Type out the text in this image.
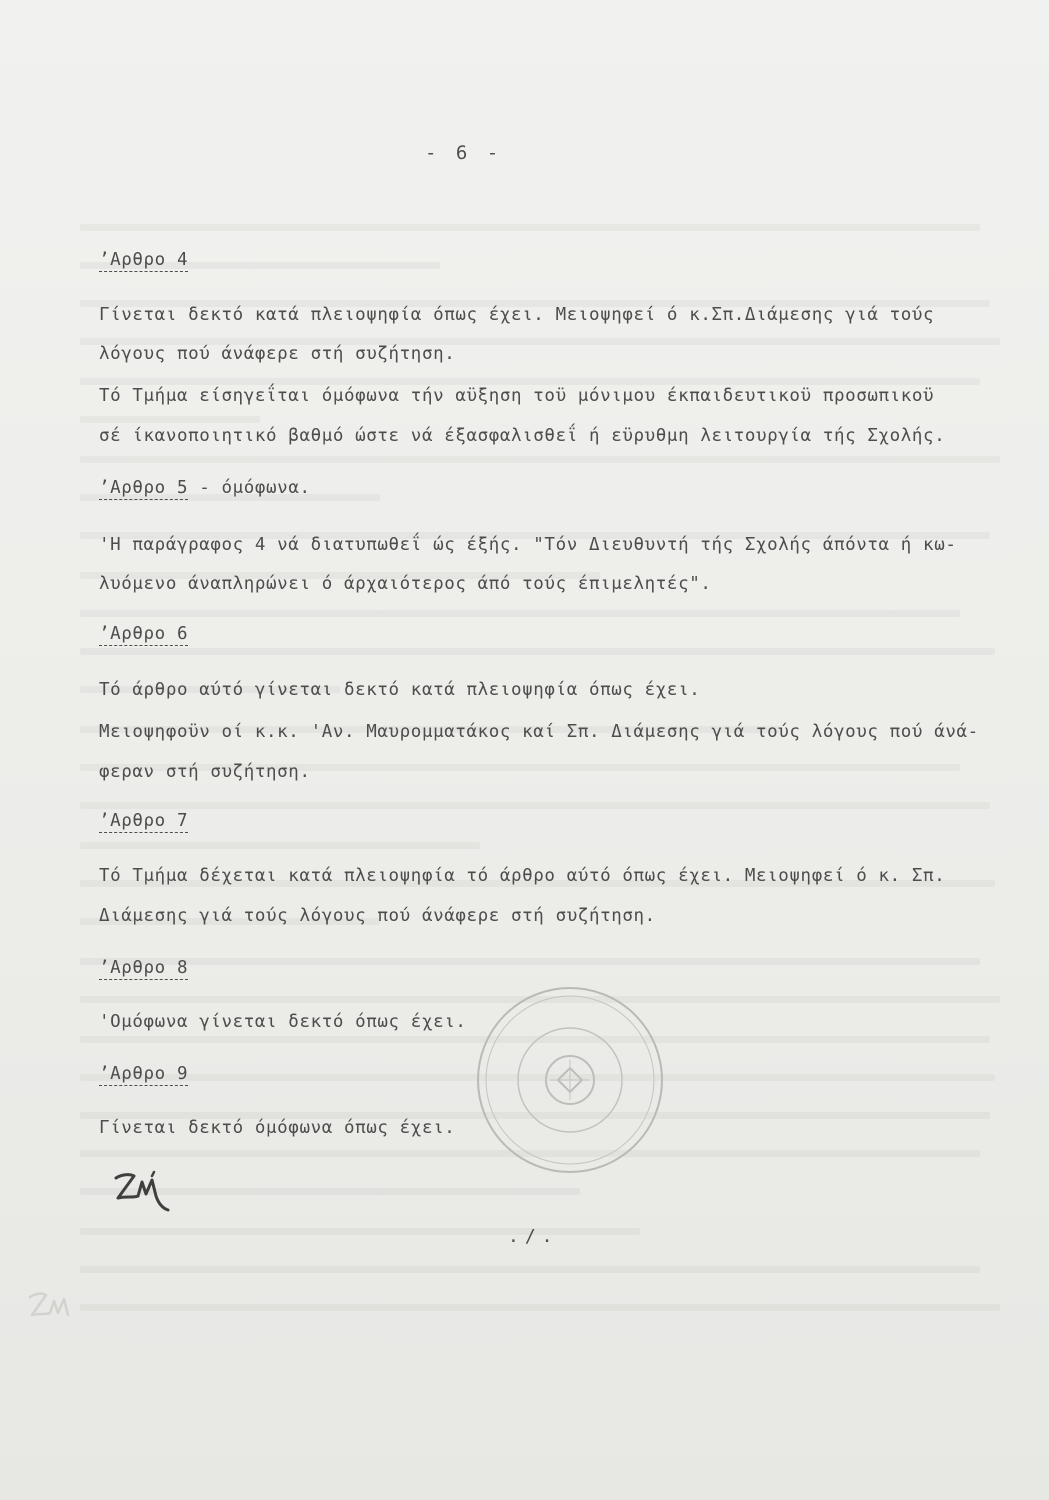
- 6 -
’Αρθρο 4
Γίνεται δεκτό κατά πλειοψηφία όπως έχει. Μειοψηφεί ό κ.Σπ.Διάμεσης γιά τούς
λόγους πού άνάφερε στή συζήτηση.
Τό Τμήμα είσηγεΐται όμόφωνα τήν αϋξηση τοϋ μόνιμου έκπαιδευτικοϋ προσωπικοϋ
σέ ίκανοποιητικό βαθμό ώστε νά έξασφαλισθεΐ ή εϋρυθμη λειτουργία τής Σχολής.
’Αρθρο 5 - όμόφωνα.
'Η παράγραφος 4 νά διατυπωθεΐ ώς έξής. "Τόν Διευθυντή τής Σχολής άπόντα ή κω-
λυόμενο άναπληρώνει ό άρχαιότερος άπό τούς έπιμελητές".
’Αρθρο 6
Τό άρθρο αύτό γίνεται δεκτό κατά πλειοψηφία όπως έχει.
Μειοψηφοϋν οί κ.κ. 'Αν. Μαυρομματάκος καί Σπ. Διάμεσης γιά τούς λόγους πού άνά-
φεραν στή συζήτηση.
’Αρθρο 7
Τό Τμήμα δέχεται κατά πλειοψηφία τό άρθρο αύτό όπως έχει. Μειοψηφεί ό κ. Σπ.
Διάμεσης γιά τούς λόγους πού άνάφερε στή συζήτηση.
’Αρθρο 8
'Ομόφωνα γίνεται δεκτό όπως έχει.
’Αρθρο 9
Γίνεται δεκτό όμόφωνα όπως έχει.
./.
